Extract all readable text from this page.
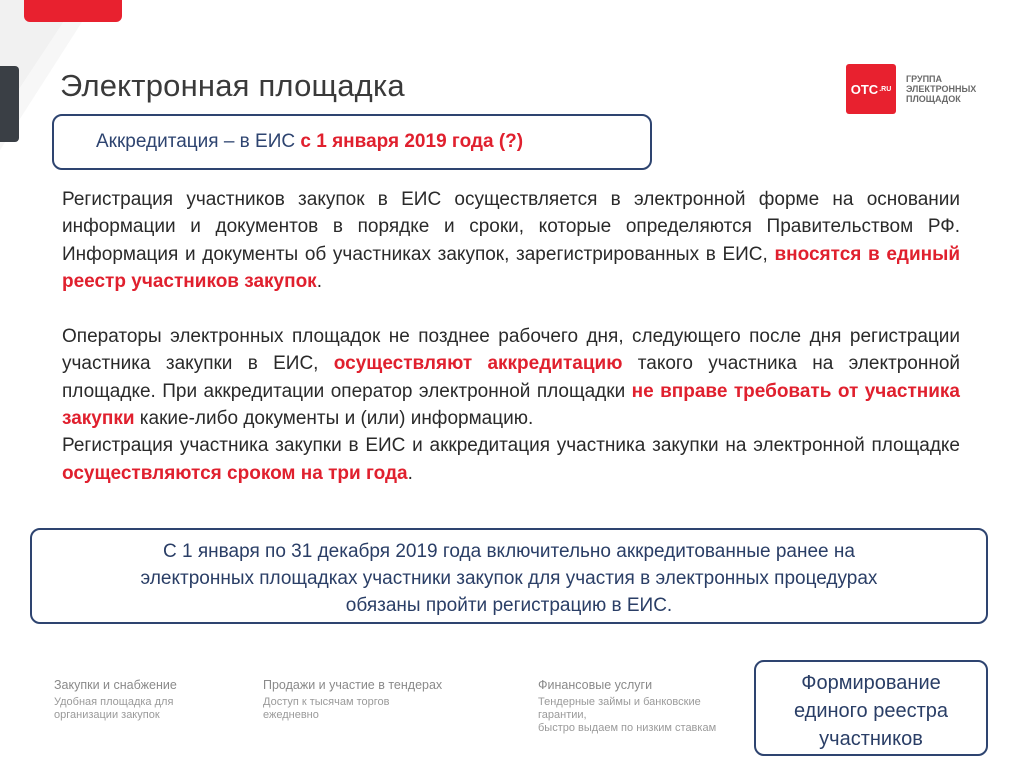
Электронная площадка	OTC .RU
ГРУППА
ЭЛЕКТРОННЫХ
ПЛОЩАДОК
Аккредитация – в ЕИС
с 1 января 2019 года (?)

Регистрация участников закупок в ЕИС осуществляется в электронной форме на основании информации и документов в порядке и сроки, которые определяются Правительством РФ. Информация и документы об участниках закупок, зарегистрированных в ЕИС, вносятся в единый реестр участников закупок.

Операторы электронных площадок не позднее рабочего дня, следующего после дня регистрации участника закупки в ЕИС, осуществляют аккредитацию такого участника на электронной площадке. При аккредитации оператор электронной площадки не вправе требовать от участника закупки какие-либо документы и (или) информацию.

Регистрация участника закупки в ЕИС и аккредитация участника закупки на электронной площадке осуществляются сроком на три года.

С 1 января по 31 декабря 2019 года включительно аккредитованные ранее на
электронных площадках участники закупок для участия в электронных процедурах
обязаны пройти регистрацию в ЕИС.
Закупки и снабжение
Удобная площадка для
организации закупок
Продажи и участие в тендерах
Доступ к тысячам торгов
ежедневно
Финансовые услуги
Тендерные займы и банковские
гарантии,
быстро выдаем по низким ставкам
Формирование
единого реестра
участников
